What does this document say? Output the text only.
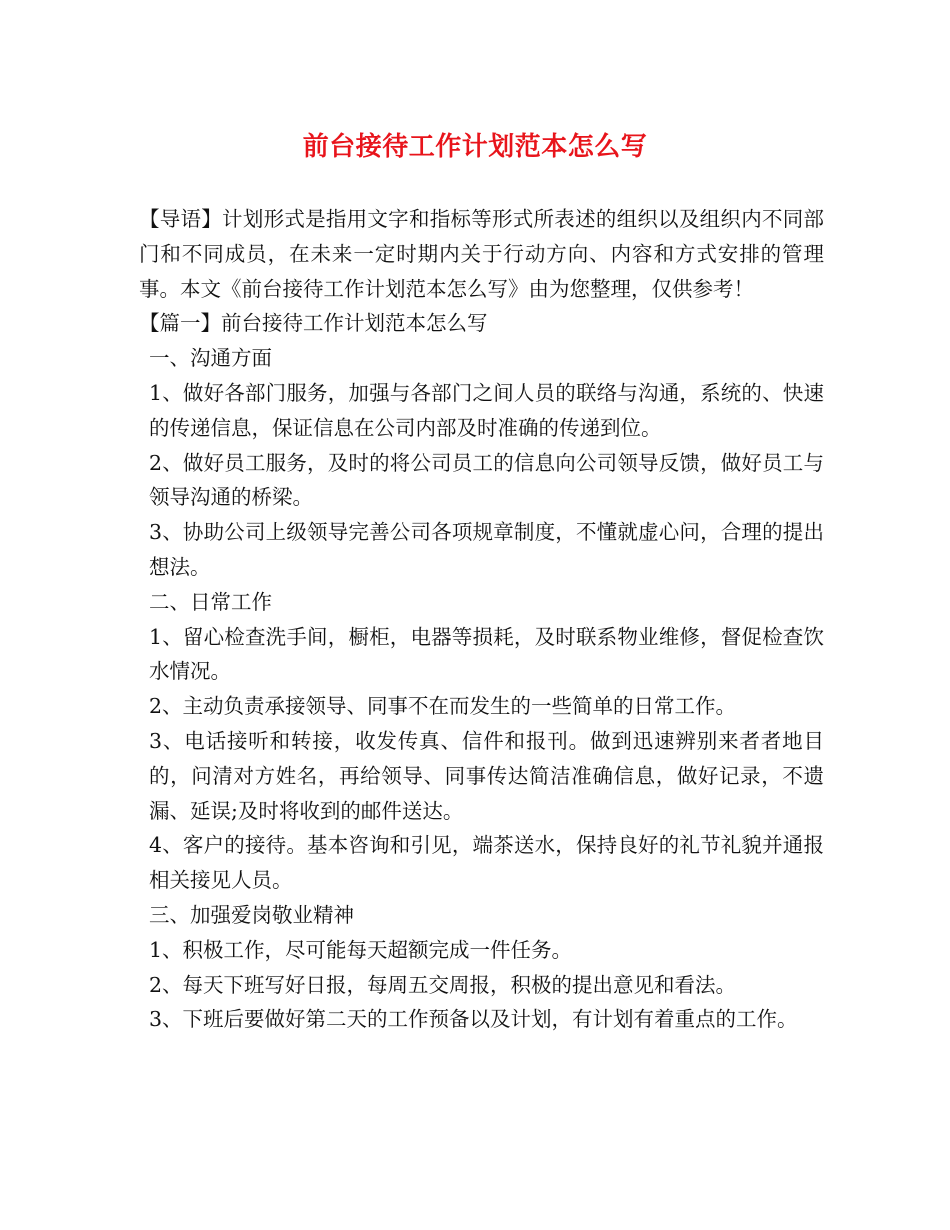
前台接待工作计划范本怎么写

【导语】计划形式是指用文字和指标等形式所表述的组织以及组织内不同部门和不同成员，在未来一定时期内关于行动方向、内容和方式安排的管理事。本文《前台接待工作计划范本怎么写》由为您整理，仅供参考！

【篇一】前台接待工作计划范本怎么写

一、沟通方面

1、做好各部门服务，加强与各部门之间人员的联络与沟通，系统的、快速的传递信息，保证信息在公司内部及时准确的传递到位。

2、做好员工服务，及时的将公司员工的信息向公司领导反馈，做好员工与领导沟通的桥梁。

3、协助公司上级领导完善公司各项规章制度，不懂就虚心问，合理的提出想法。

二、日常工作

1、留心检查洗手间，橱柜，电器等损耗，及时联系物业维修，督促检查饮水情况。

2、主动负责承接领导、同事不在而发生的一些简单的日常工作。

3、电话接听和转接，收发传真、信件和报刊。做到迅速辨别来者者地目的，问清对方姓名，再给领导、同事传达简洁准确信息，做好记录，不遗漏、延误;及时将收到的邮件送达。

4、客户的接待。基本咨询和引见，端茶送水，保持良好的礼节礼貌并通报相关接见人员。

三、加强爱岗敬业精神

1、积极工作，尽可能每天超额完成一件任务。

2、每天下班写好日报，每周五交周报，积极的提出意见和看法。

3、下班后要做好第二天的工作预备以及计划，有计划有着重点的工作。
